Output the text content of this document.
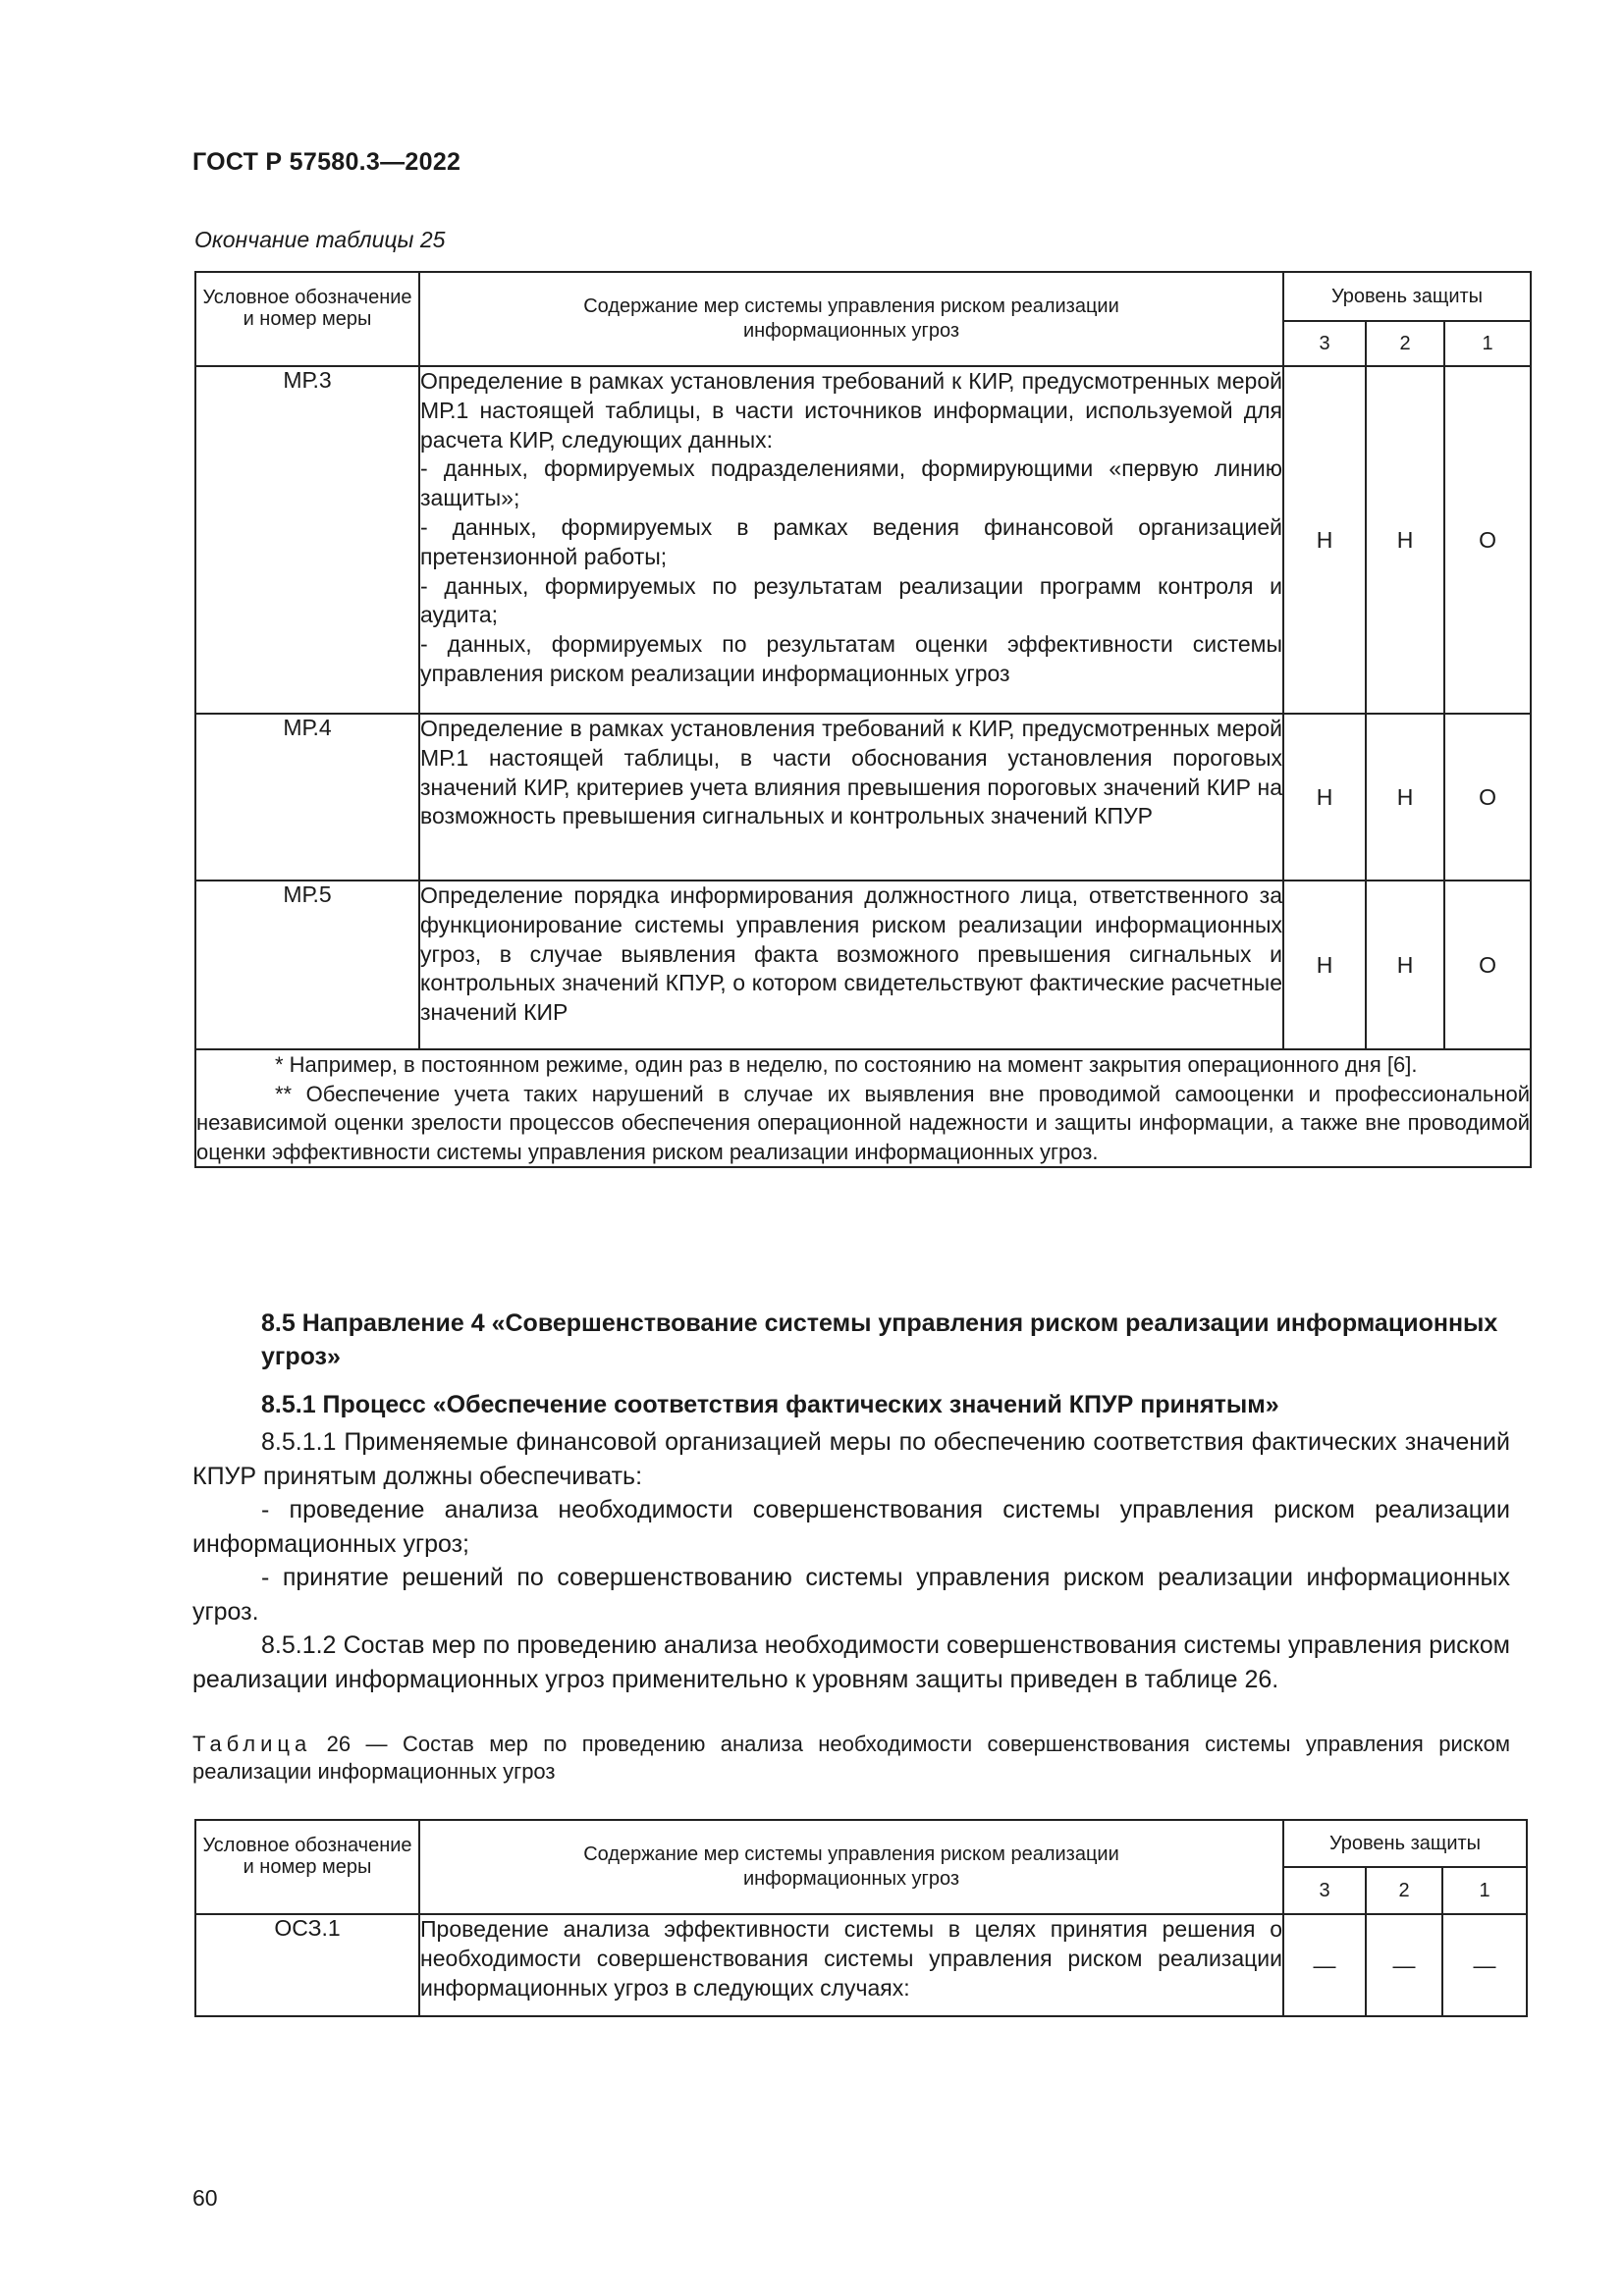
ГОСТ Р 57580.3—2022
Окончание таблицы 25
Условное обозначение и номер меры	Содержание мер системы управления риском реализации информационных угроз	Уровень защиты		
		3	2	1
МР.3	Определение в рамках установления требований к КИР, предусмотренных мерой МР.1 настоящей таблицы, в части источников информации, используемой для расчета КИР, следующих данных:
- данных, формируемых подразделениями, формирующими «первую линию защиты»;
- данных, формируемых в рамках ведения финансовой организацией претензионной работы;
- данных, формируемых по результатам реализации программ контроля и аудита;
- данных, формируемых по результатам оценки эффективности системы управления риском реализации информационных угроз	Н	Н	О
МР.4	Определение в рамках установления требований к КИР, предусмотренных мерой МР.1 настоящей таблицы, в части обоснования установления пороговых значений КИР, критериев учета влияния превышения пороговых значений КИР на возможность превышения сигнальных и контрольных значений КПУР	Н	Н	О
МР.5	Определение порядка информирования должностного лица, ответственного за функционирование системы управления риском реализации информационных угроз, в случае выявления факта возможного превышения сигнальных и контрольных значений КПУР, о котором свидетельствуют фактические расчетные значений КИР	Н	Н	О

* Например, в постоянном режиме, один раз в неделю, по состоянию на момент закрытия операционного дня [6].

** Обеспечение учета таких нарушений в случае их выявления вне проводимой самооценки и профессиональной независимой оценки зрелости процессов обеспечения операционной надежности и защиты информации, а также вне проводимой оценки эффективности системы управления риском реализации информационных угроз.				

8.5 Направление 4 «Совершенствование системы управления риском реализации информационных угроз»
8.5.1 Процесс «Обеспечение соответствия фактических значений КПУР принятым»

8.5.1.1 Применяемые финансовой организацией меры по обеспечению соответствия фактических значений КПУР принятым должны обеспечивать:

- проведение анализа необходимости совершенствования системы управления риском реализации информационных угроз;

- принятие решений по совершенствованию системы управления риском реализации информационных угроз.

8.5.1.2 Состав мер по проведению анализа необходимости совершенствования системы управления риском реализации информационных угроз применительно к уровням защиты приведен в таблице 26.

Таблица 26 — Состав мер по проведению анализа необходимости совершенствования системы управления риском реализации информационных угроз
Условное обозначение и номер меры	Содержание мер системы управления риском реализации информационных угроз	Уровень защиты		
		3	2	1
ОСЗ.1	Проведение анализа эффективности системы в целях принятия решения о необходимости совершенствования системы управления риском реализации информационных угроз в следующих случаях:	—	—	—
60
